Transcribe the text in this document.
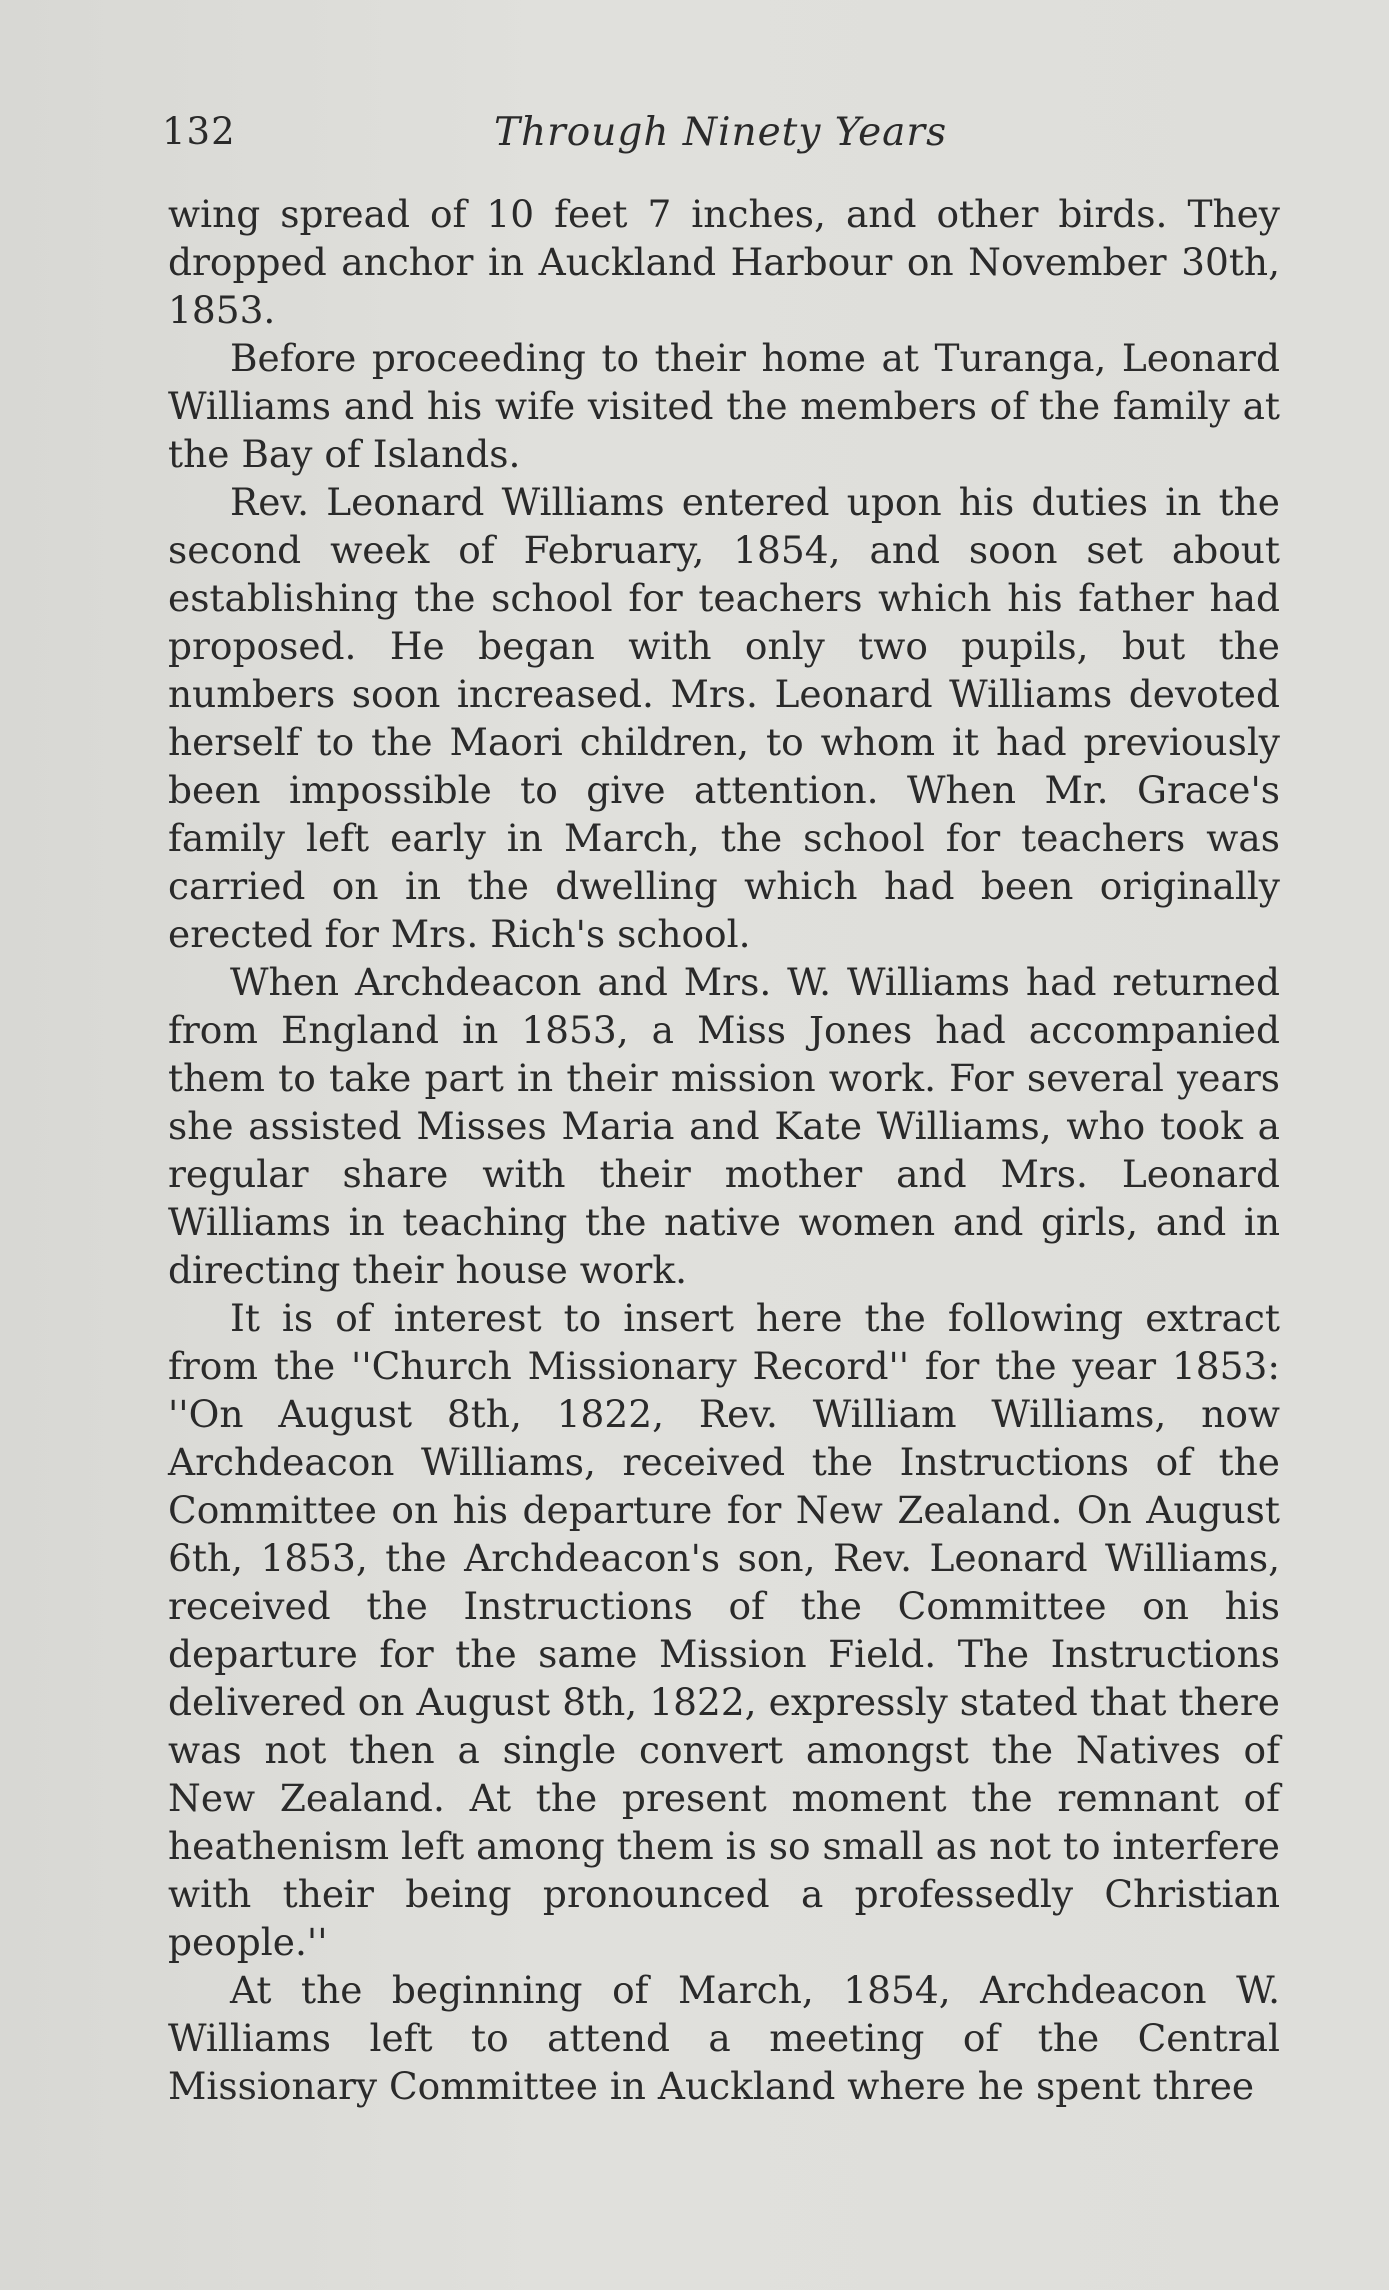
132	Through Ninety Years

wing spread of 10 feet 7 inches, and other birds. They dropped anchor in Auckland Harbour on November 30th, 1853.

Before proceeding to their home at Turanga, Leonard Williams and his wife visited the members of the family at the Bay of Islands.

Rev. Leonard Williams entered upon his duties in the second week of February, 1854, and soon set about establishing the school for teachers which his father had proposed. He began with only two pupils, but the numbers soon increased. Mrs. Leonard Williams devoted herself to the Maori children, to whom it had previously been impossible to give attention. When Mr. Grace's family left early in March, the school for teachers was carried on in the dwelling which had been originally erected for Mrs. Rich's school.

When Archdeacon and Mrs. W. Williams had returned from England in 1853, a Miss Jones had accompanied them to take part in their mission work. For several years she assisted Misses Maria and Kate Williams, who took a regular share with their mother and Mrs. Leonard Williams in teaching the native women and girls, and in directing their house work.

It is of interest to insert here the following extract from the ''Church Missionary Record'' for the year 1853: ''On August 8th, 1822, Rev. William Williams, now Archdeacon Williams, received the Instructions of the Committee on his departure for New Zealand. On August 6th, 1853, the Archdeacon's son, Rev. Leonard Williams, received the Instructions of the Committee on his departure for the same Mission Field. The Instructions delivered on August 8th, 1822, expressly stated that there was not then a single convert amongst the Natives of New Zealand. At the present moment the remnant of heathenism left among them is so small as not to interfere with their being pronounced a professedly Christian people.''

At the beginning of March, 1854, Archdeacon W. Williams left to attend a meeting of the Central Missionary Committee in Auckland where he spent three
